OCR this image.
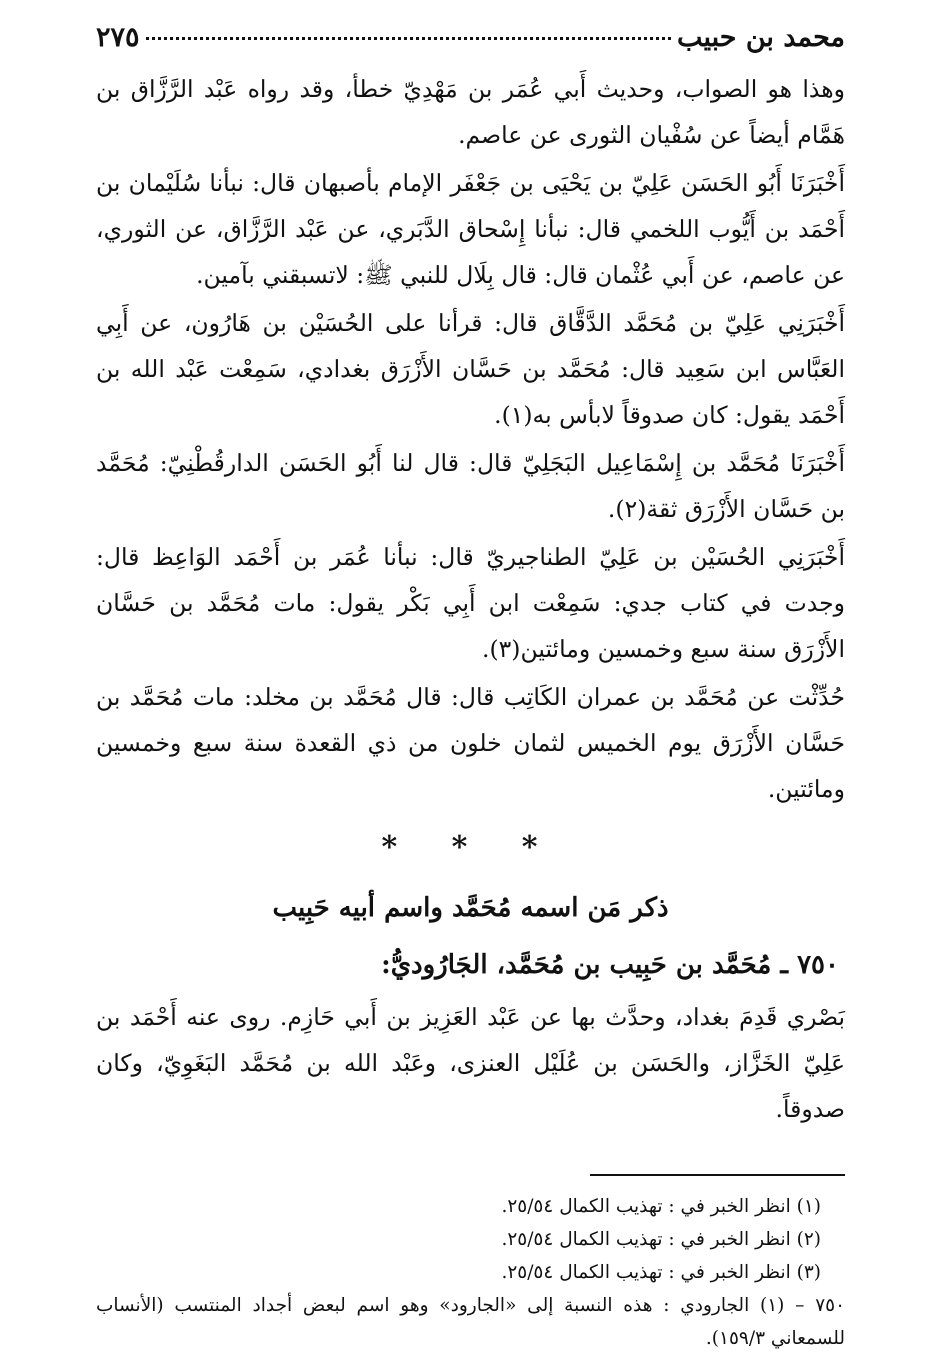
محمد بن حبيب
٢٧٥

وهذا هو الصواب، وحديث أَبي عُمَر بن مَهْدِيّ خطأ، وقد رواه عَبْد الرَّزَّاق بن هَمَّام أيضاً عن سُفْيان الثورى عن عاصم.

أَخْبَرَنَا أَبُو الحَسَن عَلِيّ بن يَحْيَى بن جَعْفَر الإمام بأصبهان قال: نبأنا سُلَيْمان بن أَحْمَد بن أَيُّوب اللخمي قال: نبأنا إِسْحاق الدَّبَري، عن عَبْد الرَّزَّاق، عن الثوري، عن عاصم، عن أَبي عُثْمان قال: قال بِلَال للنبي ﷺ: لاتسبقني بآمين.

أَخْبَرَنِي عَلِيّ بن مُحَمَّد الدَّقَّاق قال: قرأنا على الحُسَيْن بن هَارُون، عن أَبِي العَبَّاس ابن سَعِيد قال: مُحَمَّد بن حَسَّان الأَزْرَق بغدادي، سَمِعْت عَبْد الله بن أَحْمَد يقول: كان صدوقاً لابأس به(١).

أَخْبَرَنَا مُحَمَّد بن إِسْمَاعِيل البَجَلِيّ قال: قال لنا أَبُو الحَسَن الدارقُطْنِيّ: مُحَمَّد بن حَسَّان الأَزْرَق ثقة(٢).

أَخْبَرَنِي الحُسَيْن بن عَلِيّ الطناجيريّ قال: نبأنا عُمَر بن أَحْمَد الوَاعِظ قال: وجدت في كتاب جدي: سَمِعْت ابن أَبِي بَكْر يقول: مات مُحَمَّد بن حَسَّان الأَزْرَق سنة سبع وخمسين ومائتين(٣).

حُدِّثْت عن مُحَمَّد بن عمران الكَاتِب قال: قال مُحَمَّد بن مخلد: مات مُحَمَّد بن حَسَّان الأَزْرَق يوم الخميس لثمان خلون من ذي القعدة سنة سبع وخمسين ومائتين.

* * *
ذكر مَن اسمه مُحَمَّد واسم أبيه حَبِيب
٧٥٠ ـ مُحَمَّد بن حَبِيب بن مُحَمَّد، الجَارُوديُّ:

بَصْري قَدِمَ بغداد، وحدَّث بها عن عَبْد العَزِيز بن أَبي حَازِم. روى عنه أَحْمَد بن عَلِيّ الخَزَّاز، والحَسَن بن عُلَيْل العنزى، وعَبْد الله بن مُحَمَّد البَغَوِيّ، وكان صدوقاً.

(١) انظر الخبر في : تهذيب الكمال ٢٥/٥٤.
(٢) انظر الخبر في : تهذيب الكمال ٢٥/٥٤.
(٣) انظر الخبر في : تهذيب الكمال ٢٥/٥٤.
٧٥٠ – (١) الجارودي : هذه النسبة إلى «الجارود» وهو اسم لبعض أجداد المنتسب (الأنساب للسمعاني ١٥٩/٣).
